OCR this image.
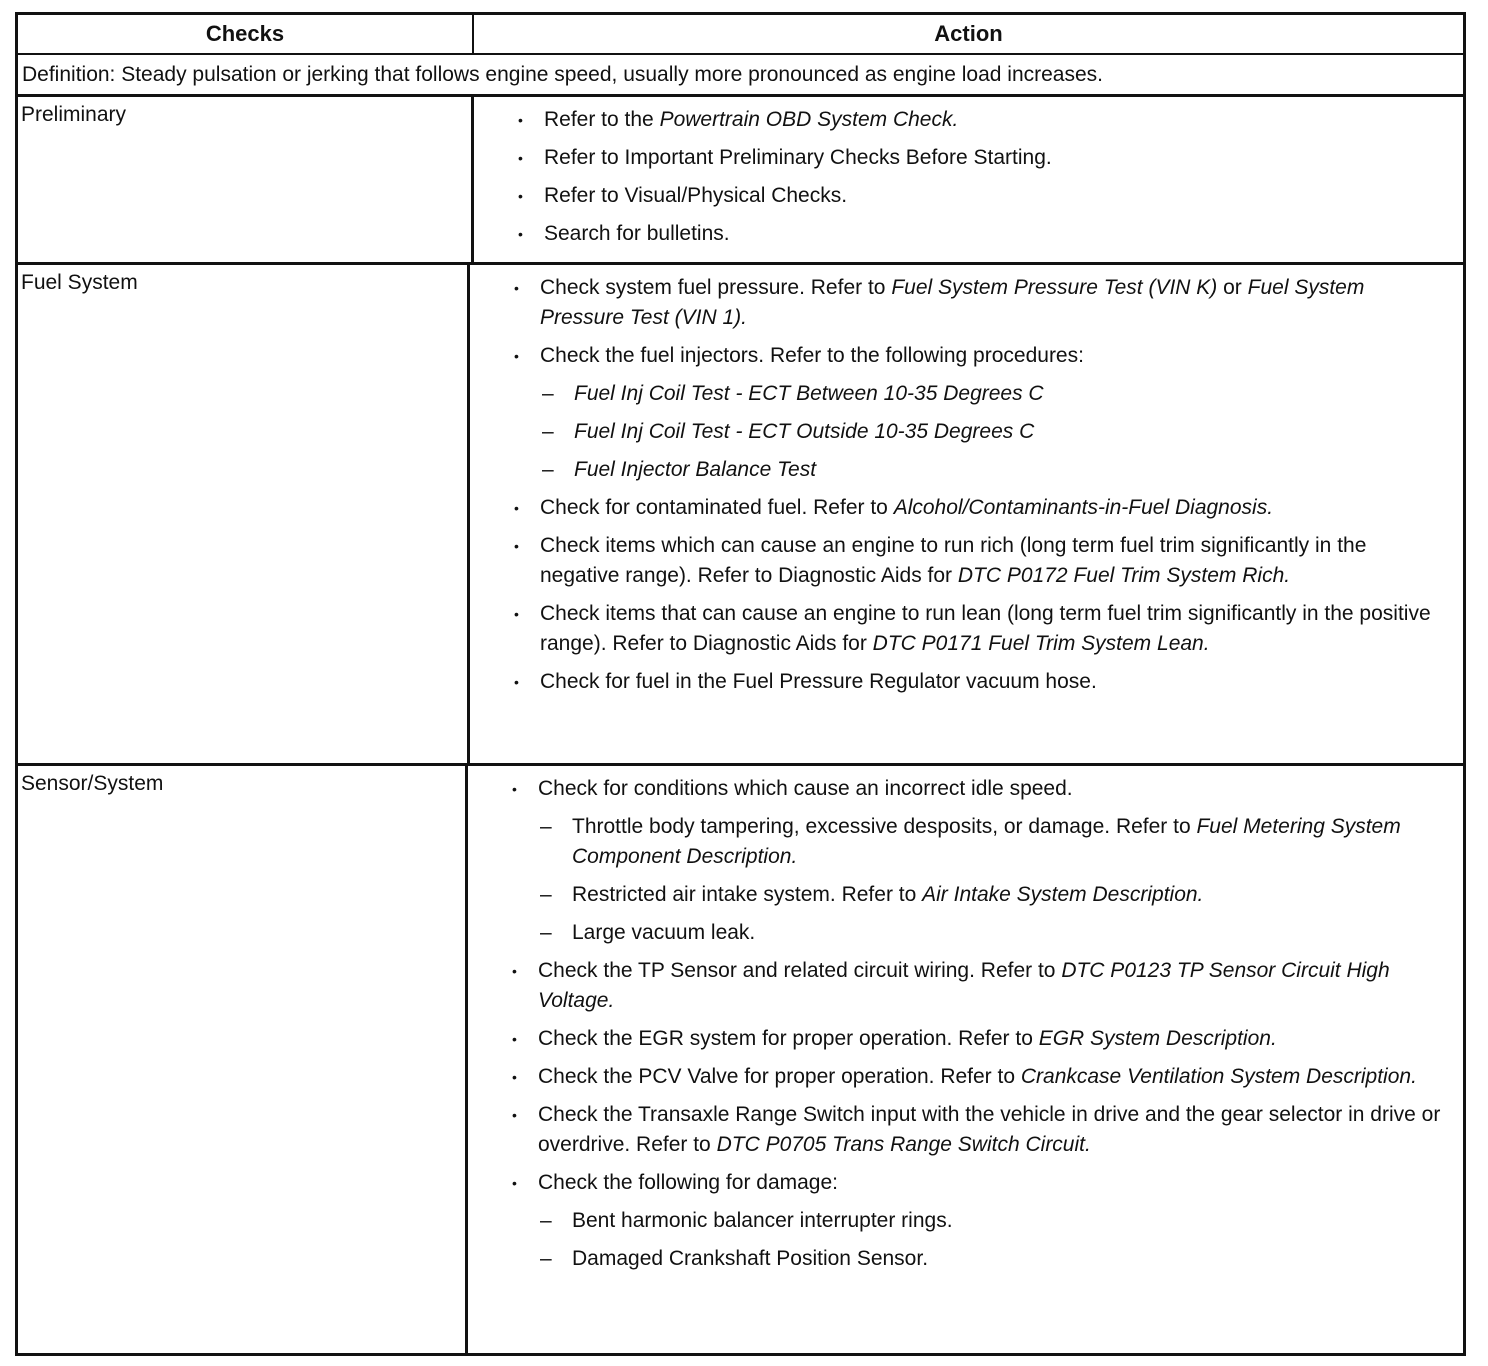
Checks	Action
Definition: Steady pulsation or jerking that follows engine speed, usually more pronounced as engine load increases.
Preliminary	• Refer to the Powertrain OBD System Check.
• Refer to Important Preliminary Checks Before Starting.
• Refer to Visual/Physical Checks.
• Search for bulletins.
Fuel System	• Check system fuel pressure. Refer to Fuel System Pressure Test (VIN K) or Fuel System Pressure Test (VIN 1).
• Check the fuel injectors. Refer to the following procedures:
– Fuel Inj Coil Test - ECT Between 10-35 Degrees C
– Fuel Inj Coil Test - ECT Outside 10-35 Degrees C
– Fuel Injector Balance Test
• Check for contaminated fuel. Refer to Alcohol/Contaminants-in-Fuel Diagnosis.
• Check items which can cause an engine to run rich (long term fuel trim significantly in the negative range). Refer to Diagnostic Aids for DTC P0172 Fuel Trim System Rich.
• Check items that can cause an engine to run lean (long term fuel trim significantly in the positive range). Refer to Diagnostic Aids for DTC P0171 Fuel Trim System Lean.
• Check for fuel in the Fuel Pressure Regulator vacuum hose.
Sensor/System	• Check for conditions which cause an incorrect idle speed.
– Throttle body tampering, excessive desposits, or damage. Refer to Fuel Metering System Component Description.
– Restricted air intake system. Refer to Air Intake System Description.
– Large vacuum leak.
• Check the TP Sensor and related circuit wiring. Refer to DTC P0123 TP Sensor Circuit High Voltage.
• Check the EGR system for proper operation. Refer to EGR System Description.
• Check the PCV Valve for proper operation. Refer to Crankcase Ventilation System Description.
• Check the Transaxle Range Switch input with the vehicle in drive and the gear selector in drive or overdrive. Refer to DTC P0705 Trans Range Switch Circuit.
• Check the following for damage:
– Bent harmonic balancer interrupter rings.
– Damaged Crankshaft Position Sensor.
